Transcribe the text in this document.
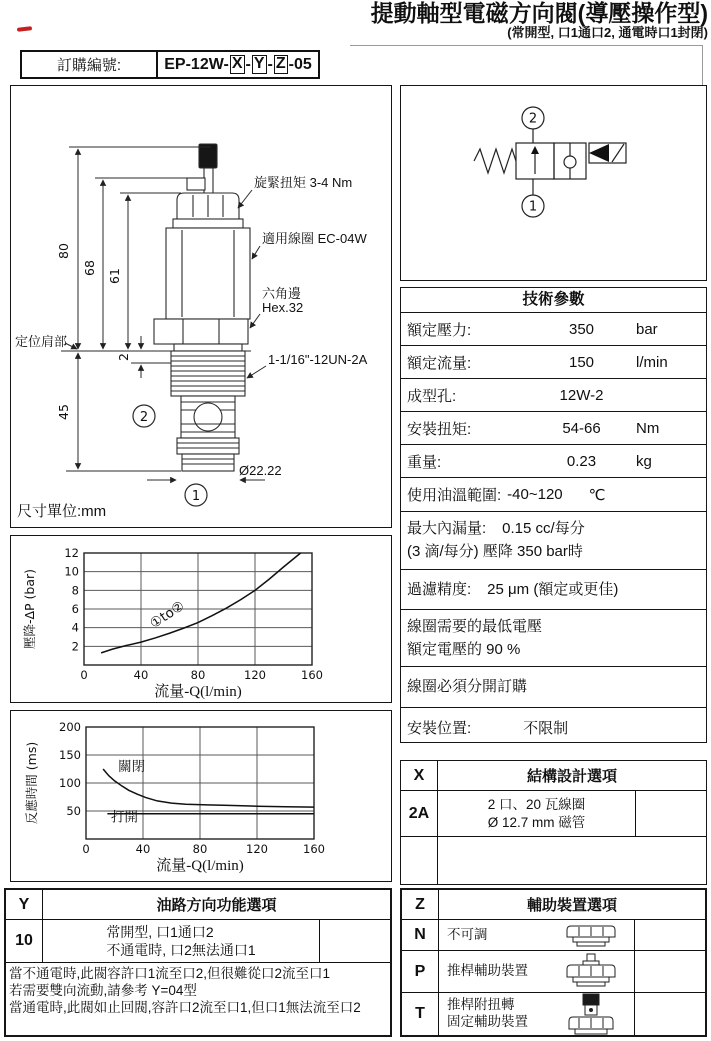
提動軸型電磁方向閥(導壓操作型)
(常開型, 口1通口2, 通電時口1封閉)
訂購編號:	EP-12W- X - Y - Z -05
80
68
61
45
2
定位肩部
旋緊扭矩 3-4 Nm
適用線圈 EC-04W
六角邊
Hex.32
1-1/16"-12UN-2A
Ø22.22
2
1
尺寸單位:mm
2
1
技術參數
額定壓力:	350	bar
額定流量:	150	l/min
成型孔:	12W-2
安裝扭矩:	54-66	Nm
重量:	0.23	kg
使用油溫範圍: -40~120 ℃
最大內漏量: 0.15 cc/每分
(3 滴/每分) 壓降 350 bar時
過濾精度: 25 μm (額定或更佳)
線圈需要的最低電壓
額定電壓的 90 %
線圈必須分開訂購
安裝位置:	不限制
0	40	80	120	160
2
4
6
8
10
12
①to②
流量-Q(l/min)
壓降-ΔP (bar)
0	40	80	120	160
50
100
150
200
關閉
打開
流量-Q(l/min)
反應時間 (ms)	X	結構設計選項
2A
2 口、20 瓦線圈
Ø 12.7 mm 磁管
Y	油路方向功能選項
10
常開型, 口1通口2
不通電時, 口2無法通口1
當不通電時,此閥容許口1流至口2,但很難從口2流至口1
若需要雙向流動,請參考 Y=04型
當通電時,此閥如止回閥,容許口2流至口1,但口1無法流至口2
Z	輔助裝置選項
N	不可調
P	推桿輔助裝置
T
推桿附扭轉
固定輔助裝置
